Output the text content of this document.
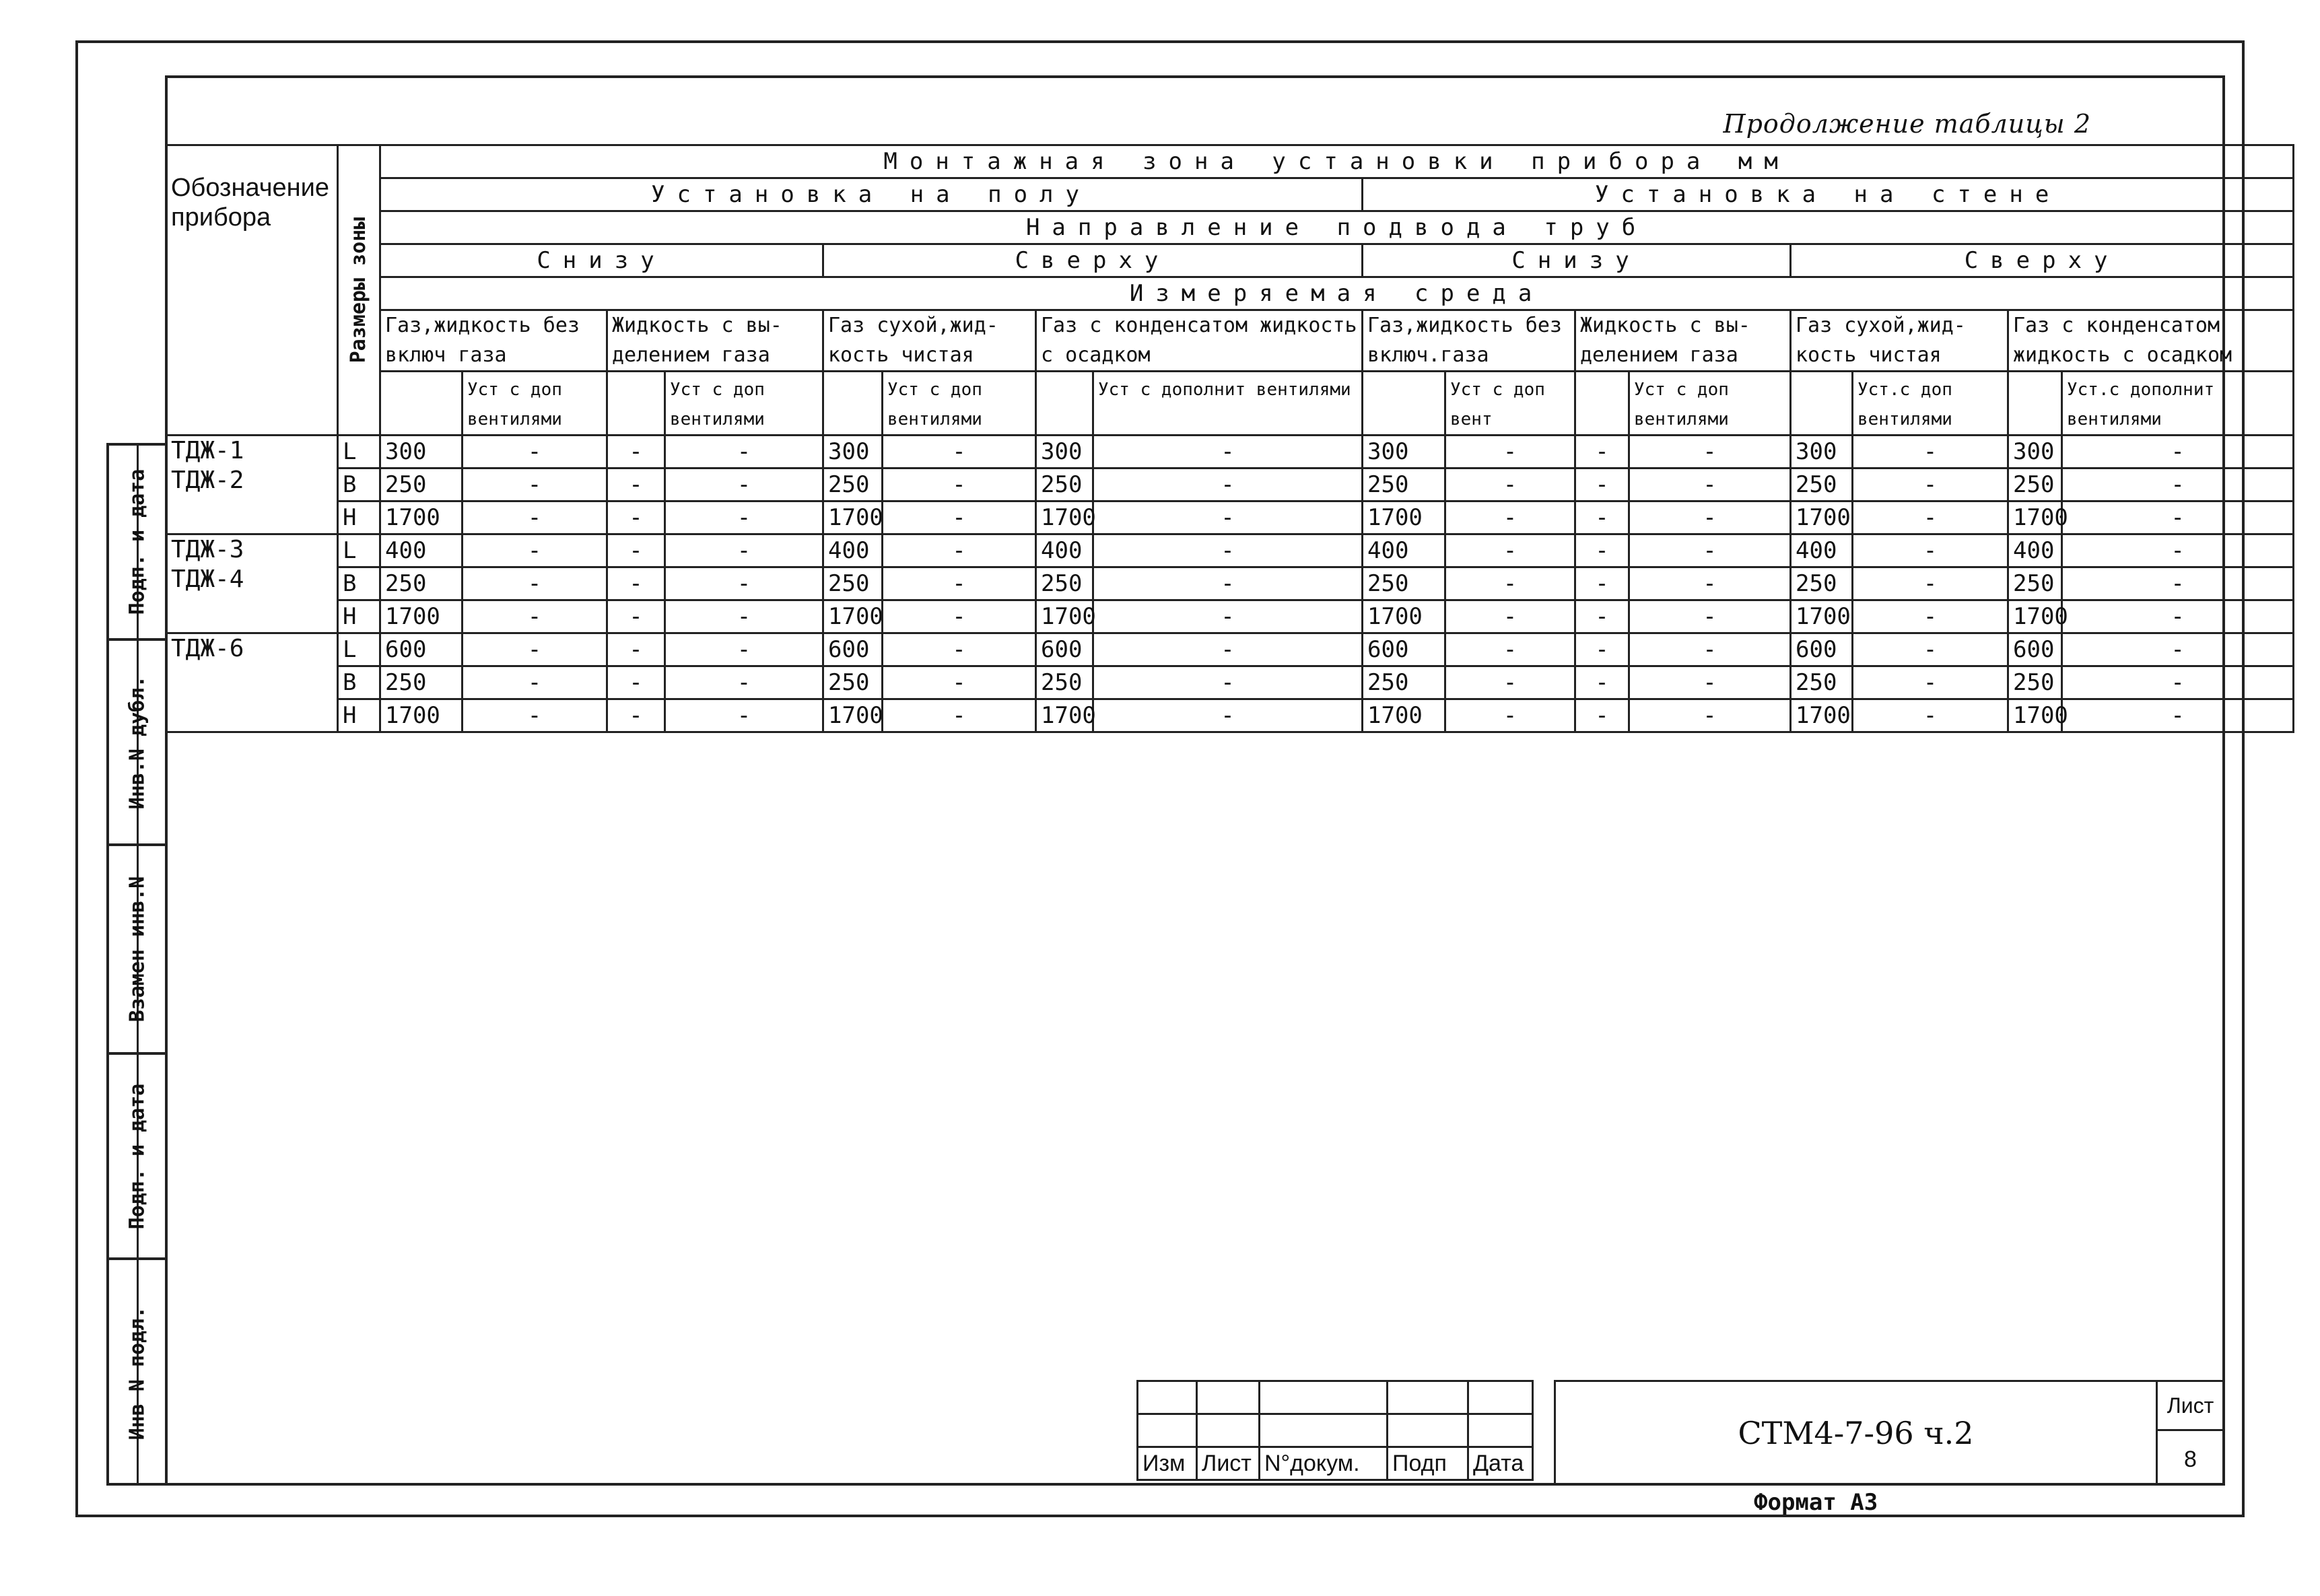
Продолжение таблицы 2
Подп. и дата
Инв.N дубл.
Взамен инв.N
Подп. и дата
Инв N подл.
Обозначение прибора	Размеры зоны	Монтажная зона установки прибора мм															
		Установка на полу								Установка на стене							
		Направление подвода труб															
		Снизу				Сверху				Снизу				Сверху			
		Измеряемая среда															
		Газ,жидкость без включ газа		Жидкость с вы-делением газа		Газ сухой,жид-кость чистая		Газ с конденсатом жидкость с осадком		Газ,жидкость без включ.газа		Жидкость с вы-делением газа		Газ сухой,жид-кость чистая		Газ с конденсатом жидкость с осадком	

			Уст с доп вентилями		Уст с доп вентилями		Уст с доп вентилями		Уст с дополнит вентилями		Уст с доп вент		Уст с доп вентилями		Уст.с доп вентилями		Уст.с дополнит вентилями

ТДЖ-1
ТДЖ-2	L	300	-	-	-	300	-	300	-	300	-	-	-	300	-	300	-
	B	250	-	-	-	250	-	250	-	250	-	-	-	250	-	250	-
	H	1700	-	-	-	1700	-	1700	-	1700	-	-	-	1700	-	1700	-

ТДЖ-3
ТДЖ-4	L	400	-	-	-	400	-	400	-	400	-	-	-	400	-	400	-
	B	250	-	-	-	250	-	250	-	250	-	-	-	250	-	250	-
	H	1700	-	-	-	1700	-	1700	-	1700	-	-	-	1700	-	1700	-

ТДЖ-6	L	600	-	-	-	600	-	600	-	600	-	-	-	600	-	600	-
	B	250	-	-	-	250	-	250	-	250	-	-	-	250	-	250	-
	H	1700	-	-	-	1700	-	1700	-	1700	-	-	-	1700	-	1700	-

Изм	Лист	N°докум.	Подп	Дата
СТМ4-7-96 ч.2
Лист
8
Формат А3
